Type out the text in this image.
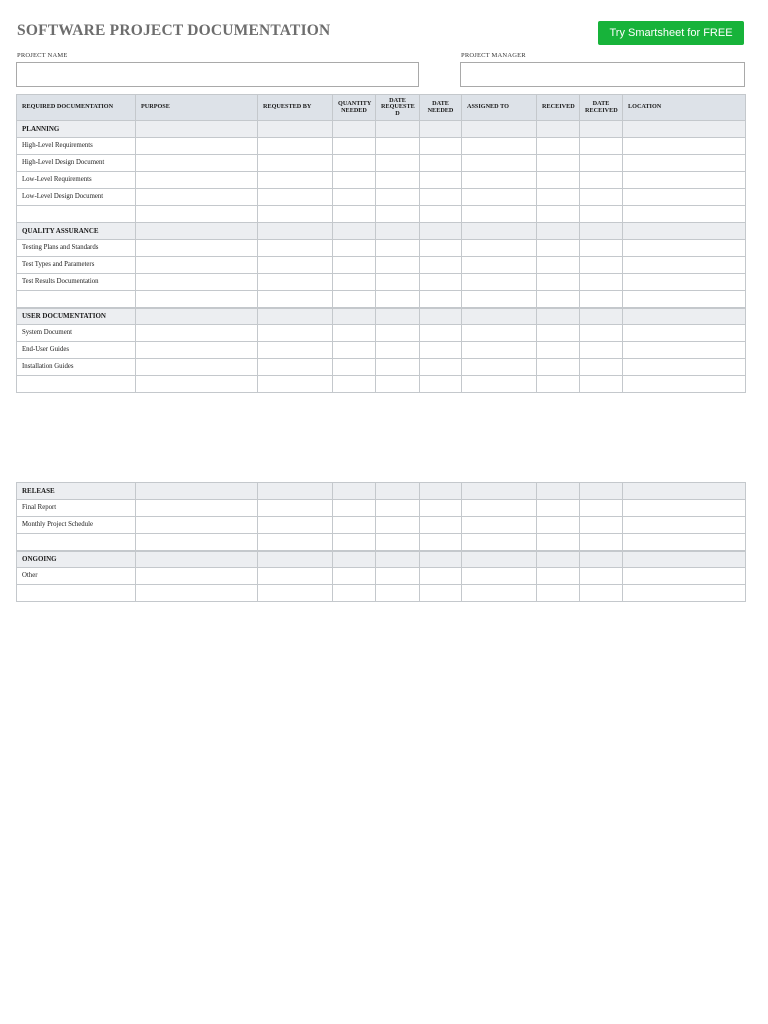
SOFTWARE PROJECT DOCUMENTATION	Try Smartsheet for FREE
PROJECT NAME	PROJECT MANAGER
REQUIRED DOCUMENTATION	PURPOSE	REQUESTED BY	QUANTITY NEEDED	DATE REQUESTE D	DATE NEEDED	ASSIGNED TO	RECEIVED	DATE RECEIVED	LOCATION
PLANNING									
High-Level Requirements									
High-Level Design Document									
Low-Level Requirements									
Low-Level Design Document									

QUALITY ASSURANCE									
Testing Plans and Standards									
Test Types and Parameters									
Test Results Documentation									

USER DOCUMENTATION									
System Document									
End-User Guides									
Installation Guides									

RELEASE									
Final Report									
Monthly Project Schedule									

ONGOING									
Other									
